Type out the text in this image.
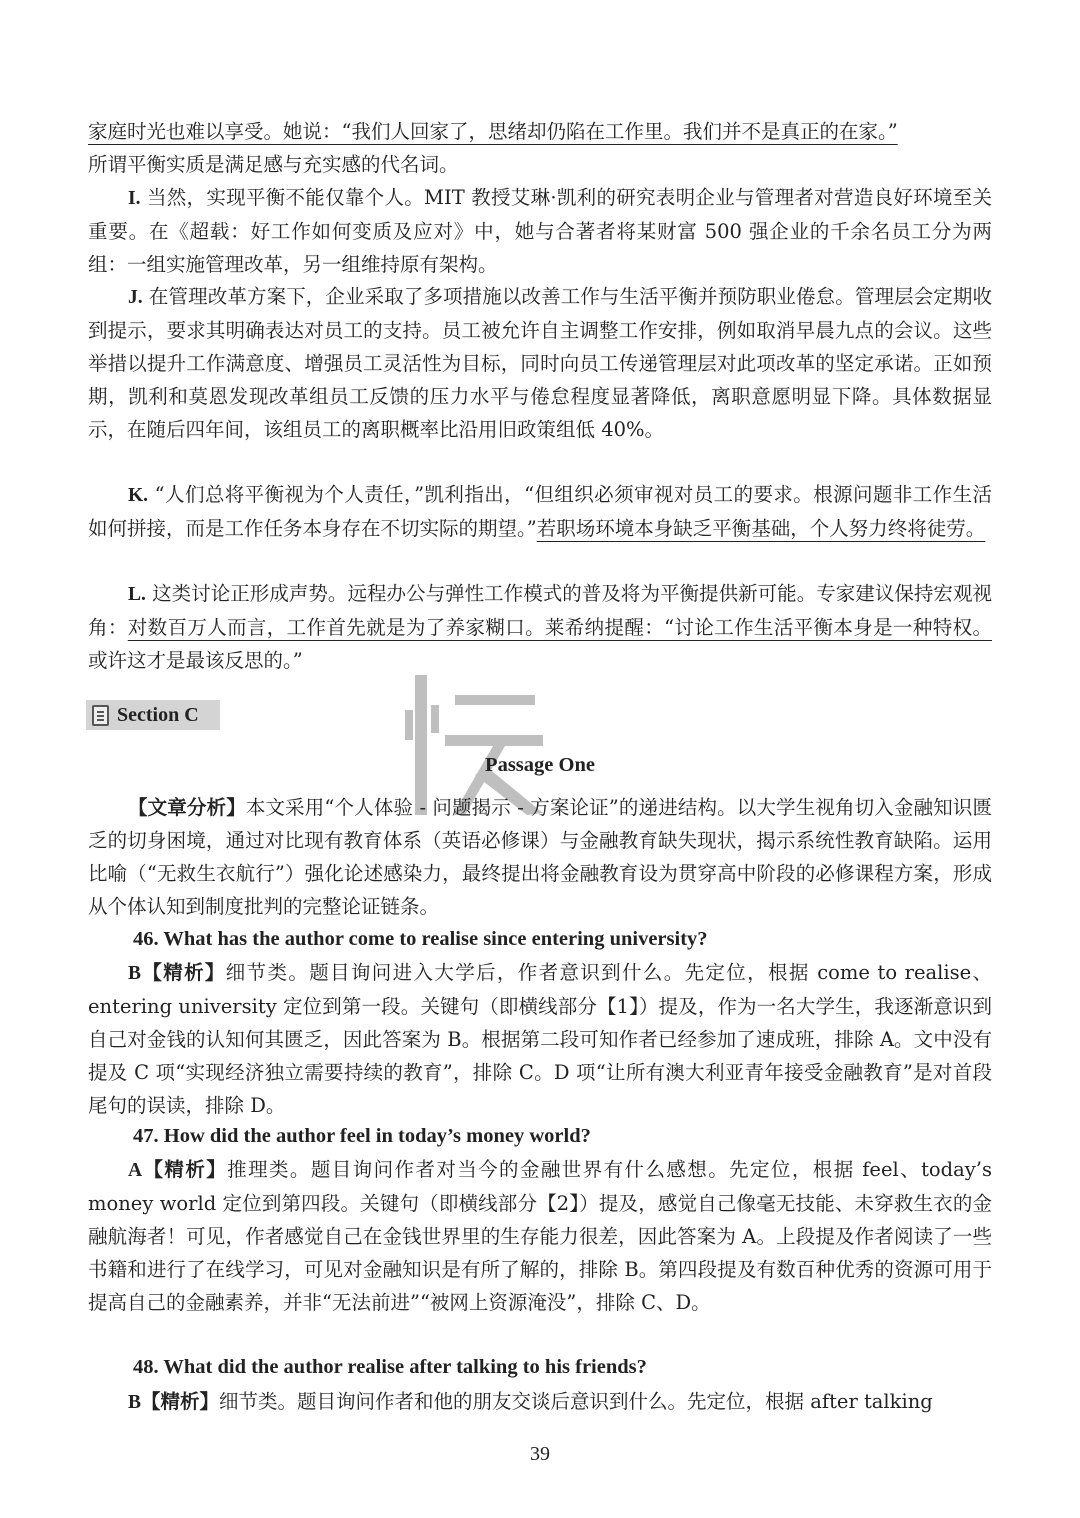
家庭时光也难以享受。她说：“我们人回家了，思绪却仍陷在工作里。我们并不是真正的在家。”
所谓平衡实质是满足感与充实感的代名词。

I. 当然，实现平衡不能仅靠个人。MIT 教授艾琳·凯利的研究表明企业与管理者对营造良好环境至关重要。在《超载：好工作如何变质及应对》中，她与合著者将某财富 500 强企业的千余名员工分为两组：一组实施管理改革，另一组维持原有架构。

J. 在管理改革方案下，企业采取了多项措施以改善工作与生活平衡并预防职业倦怠。管理层会定期收到提示，要求其明确表达对员工的支持。员工被允许自主调整工作安排，例如取消早晨九点的会议。这些举措以提升工作满意度、增强员工灵活性为目标，同时向员工传递管理层对此项改革的坚定承诺。正如预期，凯利和莫恩发现改革组员工反馈的压力水平与倦怠程度显著降低，离职意愿明显下降。具体数据显示，在随后四年间，该组员工的离职概率比沿用旧政策组低 40%。

K. “人们总将平衡视为个人责任，”凯利指出，“但组织必须审视对员工的要求。根源问题非工作生活如何拼接，而是工作任务本身存在不切实际的期望。”若职场环境本身缺乏平衡基础，个人努力终将徒劳。

L. 这类讨论正形成声势。远程办公与弹性工作模式的普及将为平衡提供新可能。专家建议保持宏观视角：对数百万人而言，工作首先就是为了养家糊口。莱希纳提醒：“讨论工作生活平衡本身是一种特权。或许这才是最该反思的。”

Section C
Passage One

【文章分析】本文采用“个人体验 - 问题揭示 - 方案论证”的递进结构。以大学生视角切入金融知识匮乏的切身困境，通过对比现有教育体系（英语必修课）与金融教育缺失现状，揭示系统性教育缺陷。运用比喻（“无救生衣航行”）强化论述感染力，最终提出将金融教育设为贯穿高中阶段的必修课程方案，形成从个体认知到制度批判的完整论证链条。

46. What has the author come to realise since entering university?

B【精析】细节类。题目询问进入大学后，作者意识到什么。先定位，根据 come to realise、entering university 定位到第一段。关键句（即横线部分【1】）提及，作为一名大学生，我逐渐意识到自己对金钱的认知何其匮乏，因此答案为 B。根据第二段可知作者已经参加了速成班，排除 A。文中没有提及 C 项“实现经济独立需要持续的教育”，排除 C。D 项“让所有澳大利亚青年接受金融教育”是对首段尾句的误读，排除 D。

47. How did the author feel in today’s money world?

A【精析】推理类。题目询问作者对当今的金融世界有什么感想。先定位，根据 feel、today’s money world 定位到第四段。关键句（即横线部分【2】）提及，感觉自己像毫无技能、未穿救生衣的金融航海者！可见，作者感觉自己在金钱世界里的生存能力很差，因此答案为 A。上段提及作者阅读了一些书籍和进行了在线学习，可见对金融知识是有所了解的，排除 B。第四段提及有数百种优秀的资源可用于提高自己的金融素养，并非“无法前进”“被网上资源淹没”，排除 C、D。

48. What did the author realise after talking to his friends?

B【精析】细节类。题目询问作者和他的朋友交谈后意识到什么。先定位，根据 after talking

39
